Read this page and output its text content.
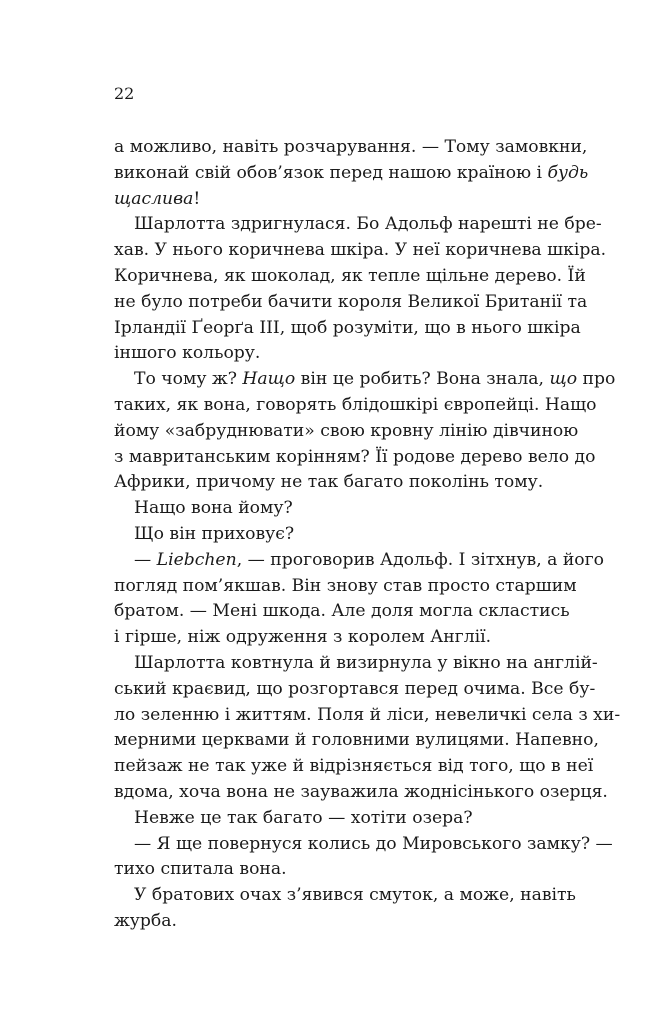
22
а можливо, навіть розчарування. — Тому замовкни,
виконай свій обов’язок перед нашою країною і будь
щаслива!
Шарлотта здригнулася. Бо Адольф нарешті не бре-
хав. У нього коричнева шкіра. У неї коричнева шкіра.
Коричнева, як шоколад, як тепле щільне дерево. Їй
не було потреби бачити короля Великої Британії та
Ірландії Ґеорґа ІІІ, щоб розуміти, що в нього шкіра
іншого кольору.
То чому ж? Нащо він це робить? Вона знала, що про
таких, як вона, говорять блідошкірі європейці. Нащо
йому «забруднювати» свою кровну лінію дівчиною
з мавританським корінням? Її родове дерево вело до
Африки, причому не так багато поколінь тому.
Нащо вона йому?
Що він приховує?
— Liebchen, — проговорив Адольф. І зітхнув, а його
погляд пом’якшав. Він знову став просто старшим
братом. — Мені шкода. Але доля могла скластись
і гірше, ніж одруження з королем Англії.
Шарлотта ковтнула й визирнула у вікно на англій-
ський краєвид, що розгортався перед очима. Все бу-
ло зеленню і життям. Поля й ліси, невеличкі села з хи-
мерними церквами й головними вулицями. Напевно,
пейзаж не так уже й відрізняється від того, що в неї
вдома, хоча вона не зауважила жоднісінького озерця.
Невже це так багато — хотіти озера?
— Я ще повернуся колись до Мировського замку? —
тихо спитала вона.
У братових очах з’явився смуток, а може, навіть
журба.
